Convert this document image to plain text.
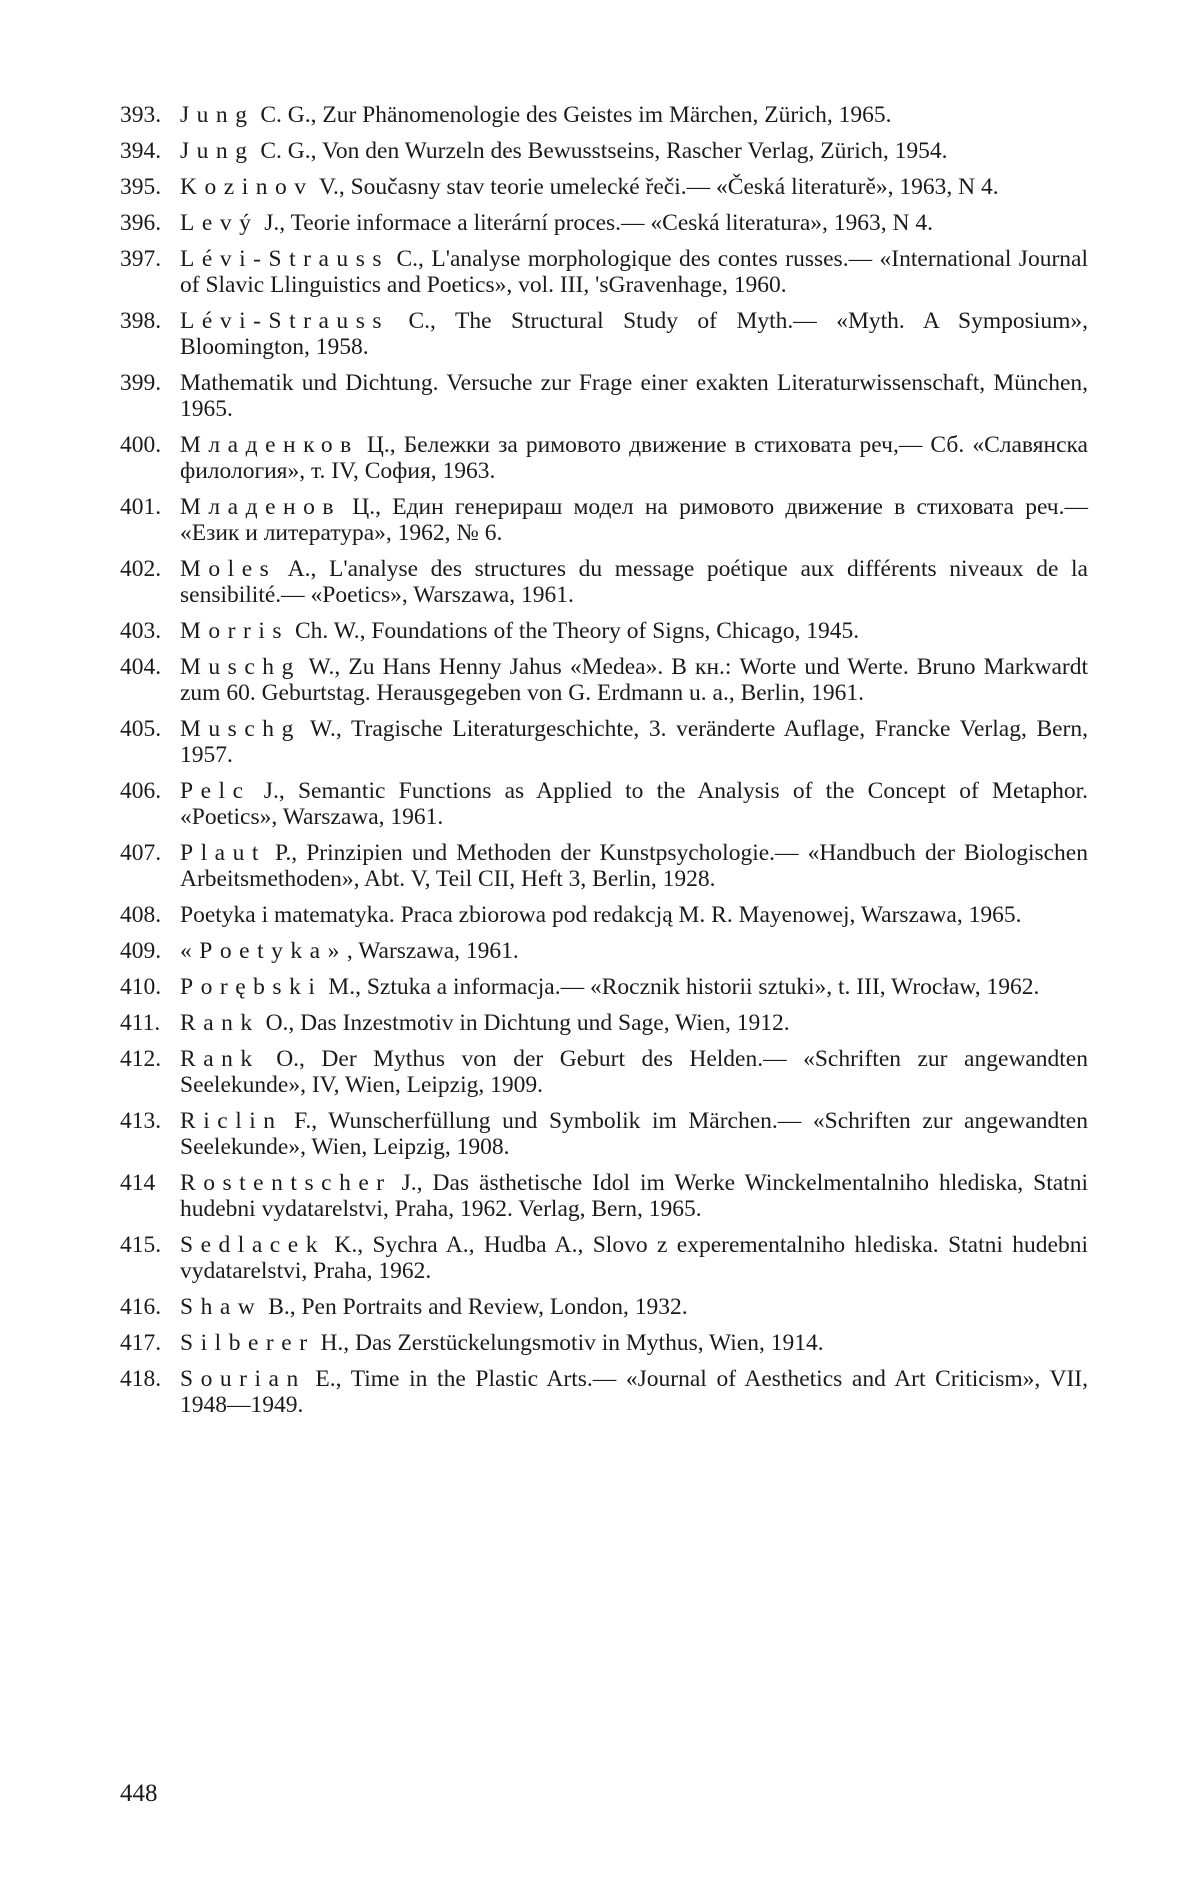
393. Jung C. G., Zur Phänomenologie des Geistes im Märchen, Zürich, 1965.
394. Jung C. G., Von den Wurzeln des Bewusstseins, Rascher Verlag, Zürich, 1954.
395. Kozinov V., Současny stav teorie umelecké řeči.— «Česká literaturě», 1963, N 4.
396. Levý J., Teorie informace a literární proces.— «Ceská literatura», 1963, N 4.
397. Lévi-Strauss C., L'analyse morphologique des contes russes.— «International Journal of Slavic Llinguistics and Poetics», vol. III, 'sGravenhage, 1960.
398. Lévi-Strauss C., The Structural Study of Myth.— «Myth. A Symposium», Bloomington, 1958.
399. Mathematik und Dichtung. Versuche zur Frage einer exakten Literaturwissenschaft, München, 1965.
400. Младенков Ц., Бележки за римовото движение в стиховата реч,— Сб. «Славянска филология», т. IV, София, 1963.
401. Младенов Ц., Един генерираш модел на римовото движение в стиховата реч.— «Език и литература», 1962, № 6.
402. Moles A., L'analyse des structures du message poétique aux différents niveaux de la sensibilité.— «Poetics», Warszawa, 1961.
403. Morris Ch. W., Foundations of the Theory of Signs, Chicago, 1945.
404. Muschg W., Zu Hans Henny Jahus «Medea». В кн.: Worte und Werte. Bruno Markwardt zum 60. Geburtstag. Herausgegeben von G. Erdmann u. a., Berlin, 1961.
405. Muschg W., Tragische Literaturgeschichte, 3. veränderte Auflage, Francke Verlag, Bern, 1957.
406. Pelc J., Semantic Functions as Applied to the Analysis of the Concept of Metaphor. «Poetics», Warszawa, 1961.
407. Plaut P., Prinzipien und Methoden der Kunstpsychologie.— «Handbuch der Biologischen Arbeitsmethoden», Abt. V, Teil CII, Heft 3, Berlin, 1928.
408. Poetyka i matematyka. Praca zbiorowa pod redakcją M. R. Mayenowej, Warszawa, 1965.
409. «Poetyka», Warszawa, 1961.
410. Porębski M., Sztuka a informacja.— «Rocznik historii sztuki», t. III, Wrocław, 1962.
411. Rank O., Das Inzestmotiv in Dichtung und Sage, Wien, 1912.
412. Rank O., Der Mythus von der Geburt des Helden.— «Schriften zur angewandten Seelekunde», IV, Wien, Leipzig, 1909.
413. Riclin F., Wunscherfüllung und Symbolik im Märchen.— «Schriften zur angewandten Seelekunde», Wien, Leipzig, 1908.
414	Rostentscher J., Das ästhetische Idol im Werke Winckelmentalniho hlediska, Statni hudebni vydatarelstvi, Praha, 1962. Verlag, Bern, 1965.
415. Sedlacek K., Sychra A., Hudba A., Slovo z experementalniho hlediska. Statni hudebni vydatarelstvi, Praha, 1962.
416. Shaw B., Pen Portraits and Review, London, 1932.
417. Silberer H., Das Zerstückelungsmotiv in Mythus, Wien, 1914.
418. Sourian E., Time in the Plastic Arts.— «Journal of Aesthetics and Art Criticism», VII, 1948—1949.
448
